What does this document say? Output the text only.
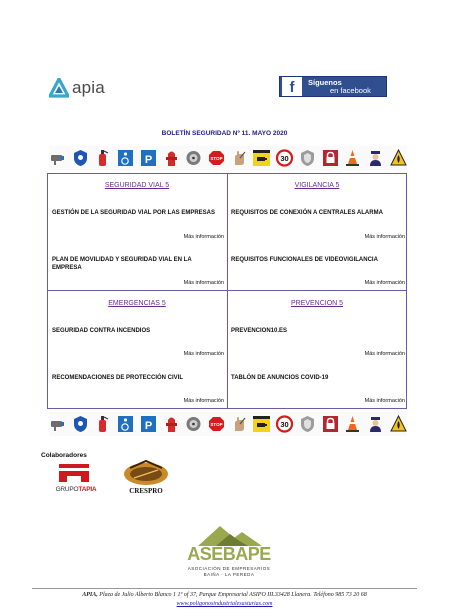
apia	f	Síguenos
en facebook
BOLETÍN SEGURIDAD Nº 11. MAYO 2020
P	STOP	30
SEGURIDAD VIAL 5
GESTIÓN DE LA SEGURIDAD VIAL POR LAS EMPRESAS
Más información
PLAN DE MOVILIDAD Y SEGURIDAD VIAL EN LA EMPRESA
Más información
VIGILANCIA 5
REQUISITOS DE CONEXIÓN A CENTRALES ALARMA
Más información
REQUISITOS FUNCIONALES DE VIDEOVIGILANCIA
Más información
EMERGENCIAS 5
SEGURIDAD CONTRA INCENDIOS
Más información
RECOMENDACIONES DE PROTECCIÓN CIVIL
Más información
PREVENCION 5
PREVENCION10.ES
Más información
TABLÓN DE ANUNCIOS COVID-19
Más información
P	STOP	30
Colaboradores
GRUPOTAPIA	CRESPRO
ASEBAPE
ASOCIACIÓN DE EMPRESARIOS
BAIÑA · LA PEREDA
APIA, Plaza de Julio Alberto Blanco 1 1º of 37, Parque Empresarial ASIPO III.33428 Llanera. Teléfono 985 73 20 68
www.poligonosindustrialesasturias.com
